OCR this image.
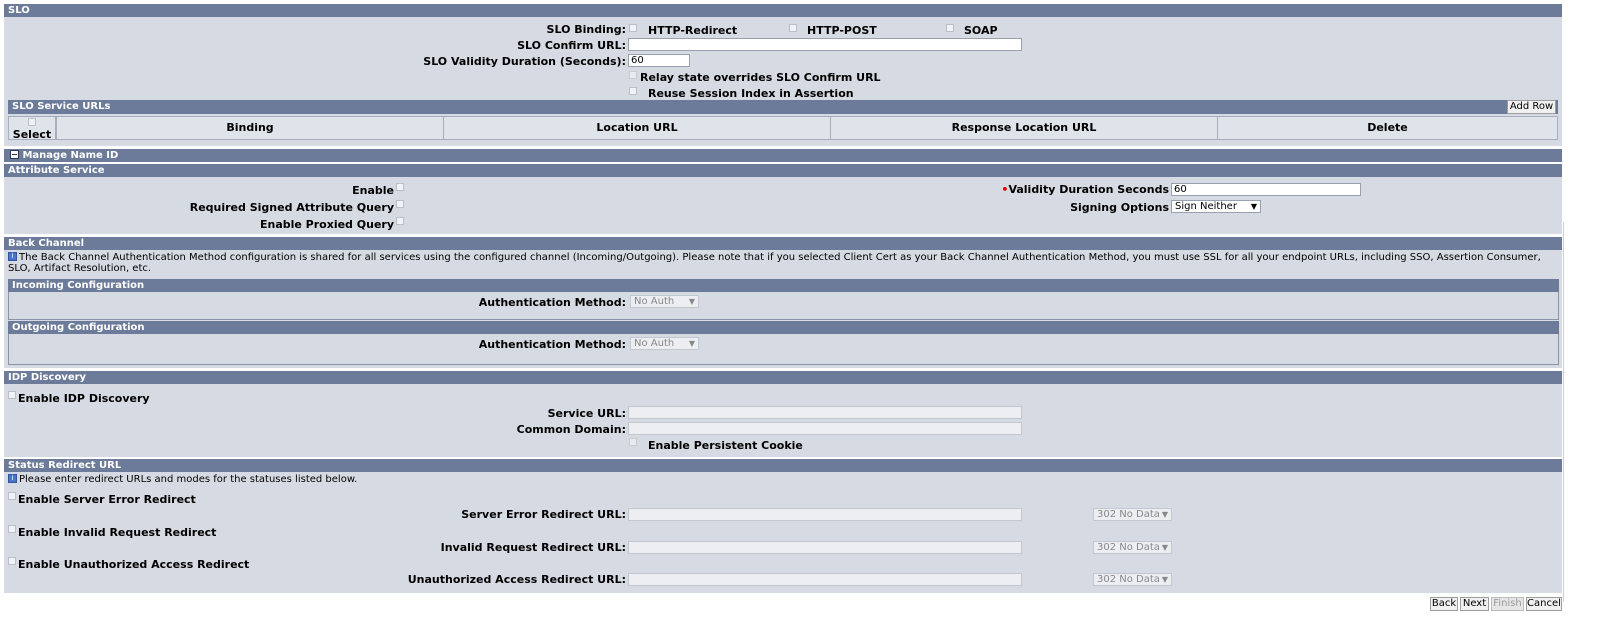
SLO
SLO Binding: HTTP-Redirect	HTTP-POST	SOAP
SLO Confirm URL:
SLO Validity Duration (Seconds): 60
Relay state overrides SLO Confirm URL
Reuse Session Index in Assertion
SLO Service URLs	Add Row

Select
Binding	Location URL	Response Location URL	Delete
Manage Name ID
Attribute Service
Enable
Required Signed Attribute Query
Enable Proxied Query
•Validity Duration Seconds 60
Signing Options Sign Neither ▼
Back Channel
i The Back Channel Authentication Method configuration is shared for all services using the configured channel (Incoming/Outgoing). Please note that if you selected Client Cert as your Back Channel Authentication Method, you must use SSL for all your endpoint URLs, including SSO, Assertion Consumer, SLO, Artifact Resolution, etc.
Incoming Configuration
Authentication Method: No Auth ▼
Outgoing Configuration
Authentication Method: No Auth ▼
IDP Discovery
Enable IDP Discovery
Service URL:
Common Domain:
Enable Persistent Cookie
Status Redirect URL
i Please enter redirect URLs and modes for the statuses listed below.
Enable Server Error Redirect
Server Error Redirect URL:	302 No Data ▼
Enable Invalid Request Redirect
Invalid Request Redirect URL:	302 No Data ▼
Enable Unauthorized Access Redirect
Unauthorized Access Redirect URL:	302 No Data ▼
Back Next Finish Cancel
